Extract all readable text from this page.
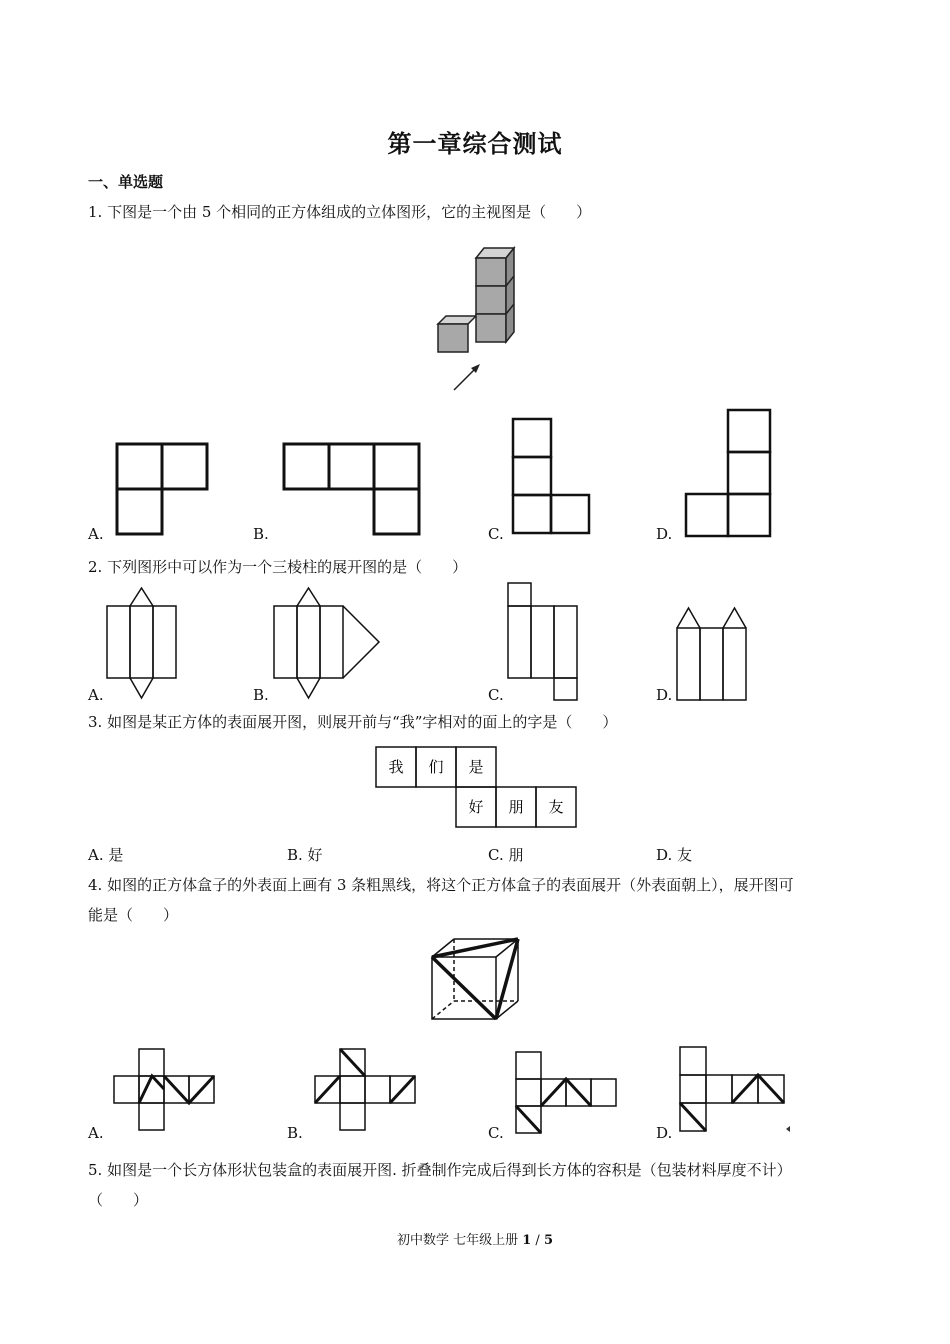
第一章综合测试
一、单选题
1. 下图是一个由 5 个相同的正方体组成的立体图形，它的主视图是（　　）
A.	B.	C.	D.
2. 下列图形中可以作为一个三棱柱的展开图的是（　　）
A.	B.	C.	D.
3. 如图是某正方体的表面展开图，则展开前与“我”字相对的面上的字是（　　）
我 们 是
好 朋 友
A. 是	B. 好	C. 朋	D. 友
4. 如图的正方体盒子的外表面上画有 3 条粗黑线，将这个正方体盒子的表面展开（外表面朝上），展开图可
能是（　　）
A.	B.	C.	D.
5. 如图是一个长方体形状包装盒的表面展开图. 折叠制作完成后得到长方体的容积是（包装材料厚度不计）
（　　）
初中数学 七年级上册 1 / 5
